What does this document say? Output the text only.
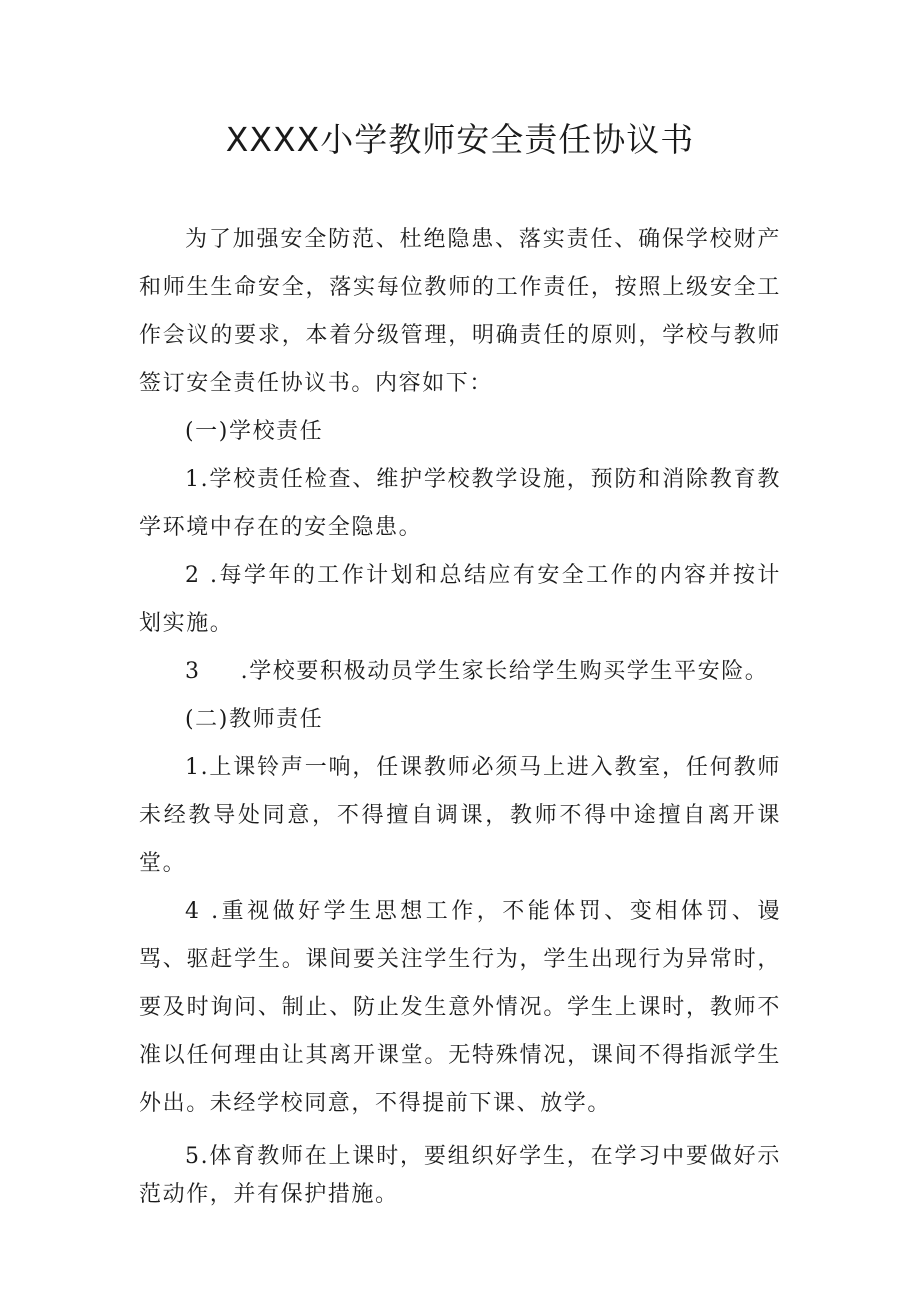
XXXX小学教师安全责任协议书

为了加强安全防范、杜绝隐患、落实责任、确保学校财产和师生生命安全，落实每位教师的工作责任，按照上级安全工作会议的要求，本着分级管理，明确责任的原则，学校与教师签订安全责任协议书。内容如下：

(一)学校责任

1.学校责任检查、维护学校教学设施，预防和消除教育教学环境中存在的安全隐患。

2 .每学年的工作计划和总结应有安全工作的内容并按计划实施。

3 .学校要积极动员学生家长给学生购买学生平安险。

(二)教师责任

1.上课铃声一响，任课教师必须马上进入教室，任何教师未经教导处同意，不得擅自调课，教师不得中途擅自离开课堂。

4 .重视做好学生思想工作，不能体罚、变相体罚、谩骂、驱赶学生。课间要关注学生行为，学生出现行为异常时，要及时询问、制止、防止发生意外情况。学生上课时，教师不准以任何理由让其离开课堂。无特殊情况，课间不得指派学生外出。未经学校同意，不得提前下课、放学。

5.体育教师在上课时，要组织好学生，在学习中要做好示范动作，并有保护措施。
